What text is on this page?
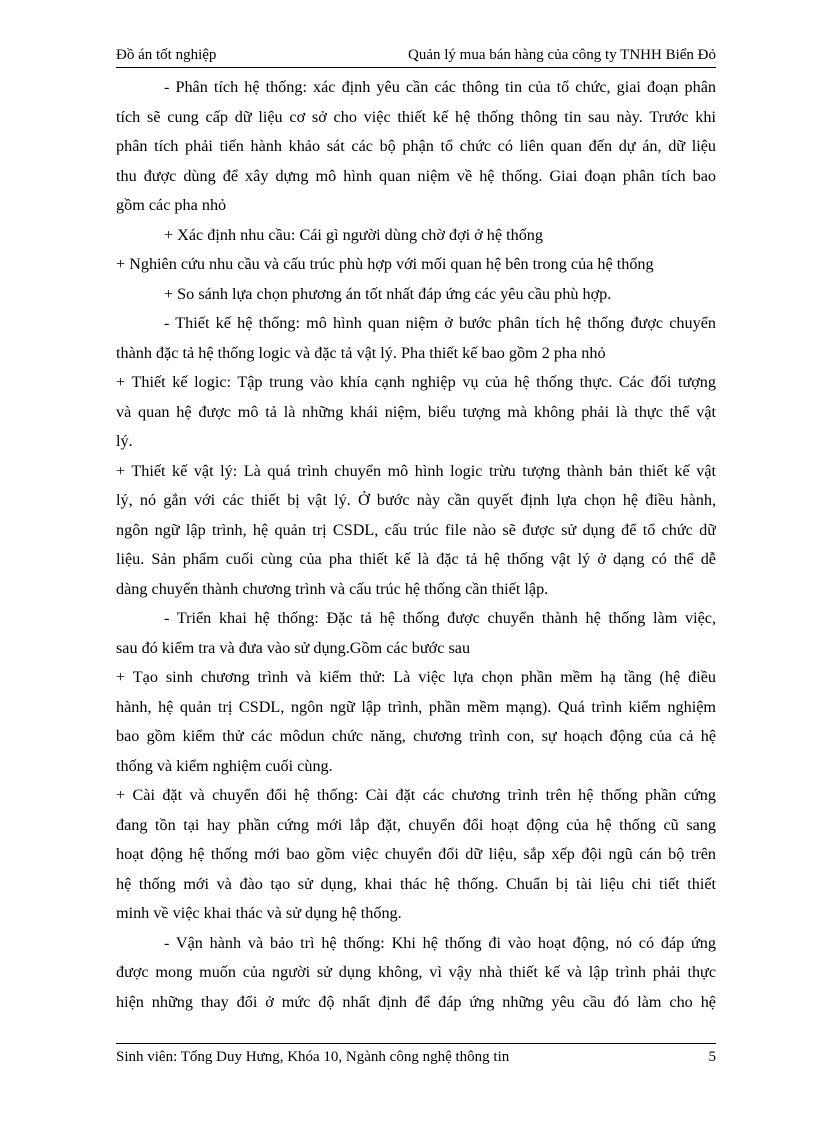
Đồ án tốt nghiệp	Quản lý mua bán hàng của công ty TNHH Biển Đỏ
- Phân tích hệ thống: xác định yêu cần các thông tin của tổ chức, giai đoạn phân
tích sẽ cung cấp dữ liệu cơ sở cho việc thiết kế hệ thống thông tin sau này. Trước khi
phân tích phải tiến hành khảo sát các bộ phận tổ chức có liên quan đến dự án, dữ liệu
thu được dùng để xây dựng mô hình quan niệm về hệ thống. Giai đoạn phân tích bao
gồm các pha nhỏ
+ Xác định nhu cầu: Cái gì người dùng chờ đợi ở hệ thống
+ Nghiên cứu nhu cầu và cấu trúc phù hợp với mối quan hệ bên trong của hệ thống
+ So sánh lựa chọn phương án tốt nhất đáp ứng các yêu cầu phù hợp.
- Thiết kế hệ thống: mô hình quan niệm ở bước phân tích hệ thống được chuyển
thành đặc tả hệ thống logic và đặc tả vật lý. Pha thiết kế bao gồm 2 pha nhỏ
+ Thiết kế logic: Tập trung vào khía cạnh nghiệp vụ của hệ thống thực. Các đối tượng
và quan hệ được mô tả là những khái niệm, biểu tượng mà không phải là thực thể vật
lý.
+ Thiết kế vật lý: Là quá trình chuyển mô hình logic trừu tượng thành bản thiết kế vật
lý, nó gắn với các thiết bị vật lý. Ở bước này cần quyết định lựa chọn hệ điều hành,
ngôn ngữ lập trình, hệ quản trị CSDL, cấu trúc file nào sẽ được sử dụng để tổ chức dữ
liệu. Sản phẩm cuối cùng của pha thiết kế là đặc tả hệ thống vật lý ở dạng có thể dễ
dàng chuyển thành chương trình và cấu trúc hệ thống cần thiết lập.
- Triển khai hệ thống: Đặc tả hệ thống được chuyển thành hệ thống làm việc,
sau đó kiểm tra và đưa vào sử dụng.Gồm các bước sau
+ Tạo sinh chương trình và kiểm thử: Là việc lựa chọn phần mềm hạ tầng (hệ điều
hành, hệ quản trị CSDL, ngôn ngữ lập trình, phần mềm mạng). Quá trình kiểm nghiệm
bao gồm kiểm thử các môdun chức năng, chương trình con, sự hoạch động của cả hệ
thống và kiểm nghiệm cuối cùng.
+ Cài đặt và chuyển đổi hệ thống: Cài đặt các chương trình trên hệ thống phần cứng
đang tồn tại hay phần cứng mới lắp đặt, chuyển đổi hoạt động của hệ thống cũ sang
hoạt động hệ thống mới bao gồm việc chuyển đổi dữ liệu, sắp xếp đội ngũ cán bộ trên
hệ thống mới và đào tạo sử dụng, khai thác hệ thống. Chuẩn bị tài liệu chi tiết thiết
minh về việc khai thác và sử dụng hệ thống.
- Vận hành và bảo trì hệ thống: Khi hệ thống đi vào hoạt động, nó có đáp ứng
được mong muốn của người sử dụng không, vì vậy nhà thiết kế và lập trình phải thực
hiện những thay đổi ở mức độ nhất định để đáp ứng những yêu cầu đó làm cho hệ
Sinh viên: Tống Duy Hưng, Khóa 10, Ngành công nghệ thông tin	5
